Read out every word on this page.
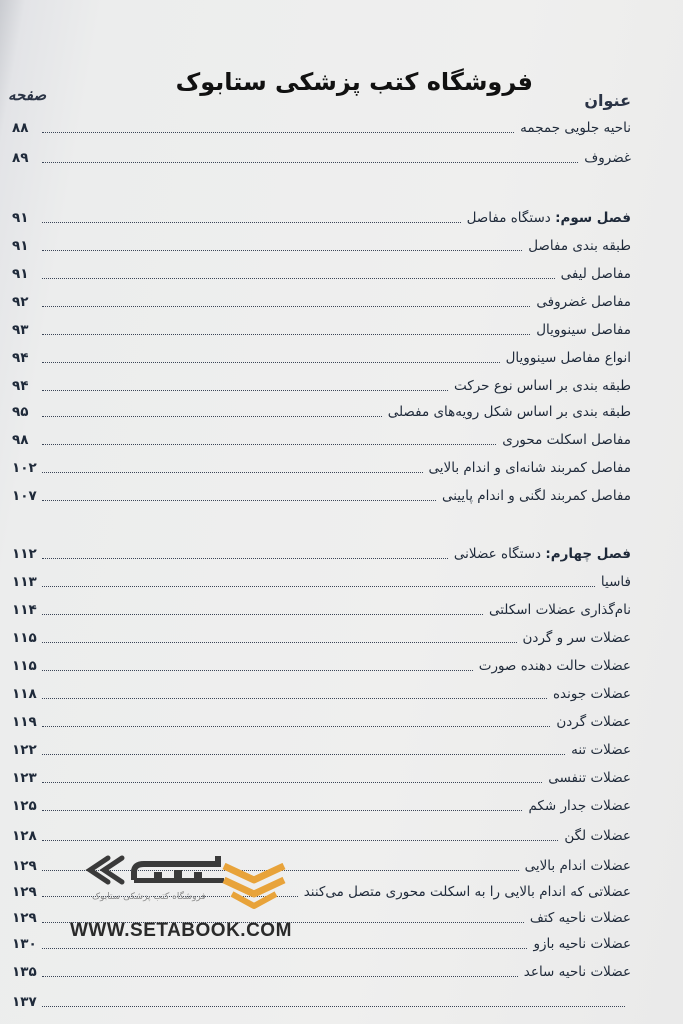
فروشگاه کتب پزشکی ستابوک
صفحه	عنوان
ناحیه جلویی جمجمه
۸۸
غضروف
۸۹
فصل سوم: دستگاه مفاصل
۹۱
طبقه بندی مفاصل
۹۱
مفاصل لیفی
۹۱
مفاصل غضروفی
۹۲
مفاصل سینوویال
۹۳
انواع مفاصل سینوویال
۹۴
طبقه بندی بر اساس نوع حرکت
۹۴
طبقه بندی بر اساس شکل رویه‌های مفصلی
۹۵
مفاصل اسکلت محوری
۹۸
مفاصل کمربند شانه‌ای و اندام بالایی
۱۰۲
مفاصل کمربند لگنی و اندام پایینی
۱۰۷
فصل چهارم: دستگاه عضلانی
۱۱۲
فاسیا
۱۱۳
نام‌گذاری عضلات اسکلتی
۱۱۴
عضلات سر و گردن
۱۱۵
عضلات حالت دهنده صورت
۱۱۵
عضلات جونده
۱۱۸
عضلات گردن
۱۱۹
عضلات تنه
۱۲۲
عضلات تنفسی
۱۲۳
عضلات جدار شکم
۱۲۵
عضلات لگن
۱۲۸
عضلات اندام بالایی
۱۲۹
عضلاتی که اندام بالایی را به اسکلت محوری متصل می‌کنند
۱۲۹
عضلات ناحیه کتف
۱۲۹
عضلات ناحیه بازو
۱۳۰
عضلات ناحیه ساعد
۱۳۵
۱۳۷
فروشگاه کتب پزشکی ستابوک
WWW.SETABOOK.COM
